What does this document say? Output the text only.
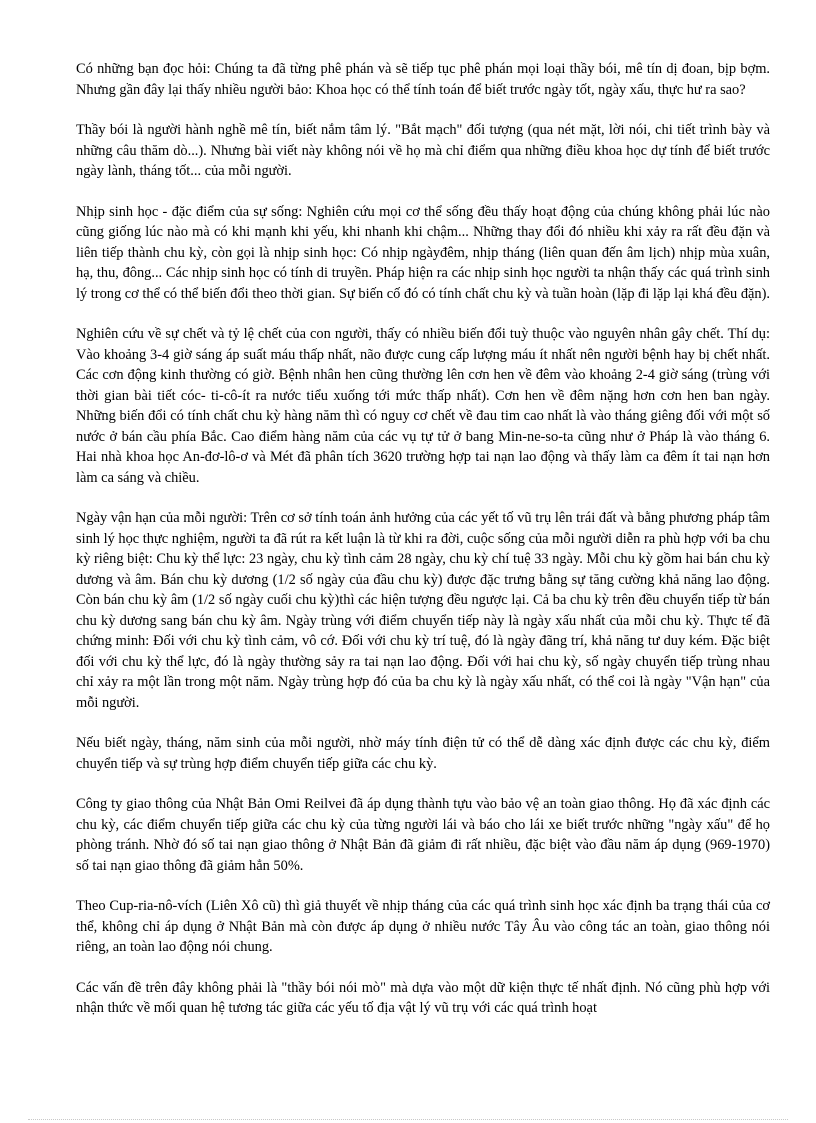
Có những bạn đọc hỏi: Chúng ta đã từng phê phán và sẽ tiếp tục phê phán mọi loại thầy bói, mê tín dị đoan, bịp bợm. Nhưng gần đây lại thấy nhiều người bảo: Khoa học có thể tính toán để biết trước ngày tốt, ngày xấu, thực hư ra sao?

Thầy bói là người hành nghề mê tín, biết nắm tâm lý. "Bắt mạch" đối tượng (qua nét mặt, lời nói, chi tiết trình bày và những câu thăm dò...). Nhưng bài viết này không nói về họ mà chỉ điểm qua những điều khoa học dự tính để biết trước ngày lành, tháng tốt... của mỗi người.

Nhịp sinh học - đặc điểm của sự sống: Nghiên cứu mọi cơ thể sống đều thấy hoạt động của chúng không phải lúc nào cũng giống lúc nào mà có khi mạnh khi yếu, khi nhanh khi chậm... Những thay đổi đó nhiều khi xảy ra rất đều đặn và liên tiếp thành chu kỳ, còn gọi là nhịp sinh học: Có nhịp ngàyđêm, nhịp tháng (liên quan đến âm lịch) nhịp mùa xuân, hạ, thu, đông... Các nhịp sinh học có tính di truyền. Pháp hiện ra các nhịp sinh học người ta nhận thấy các quá trình sinh lý trong cơ thể có thể biến đổi theo thời gian. Sự biến cố đó có tính chất chu kỳ và tuần hoàn (lặp đi lặp lại khá đều đặn).

Nghiên cứu về sự chết và tỷ lệ chết của con người, thấy có nhiều biến đổi tuỳ thuộc vào nguyên nhân gây chết. Thí dụ: Vào khoảng 3-4 giờ sáng áp suất máu thấp nhất, não được cung cấp lượng máu ít nhất nên người bệnh hay bị chết nhất. Các cơn động kinh thường có giờ. Bệnh nhân hen cũng thường lên cơn hen về đêm vào khoảng 2-4 giờ sáng (trùng với thời gian bài tiết cóc- ti-cô-ít ra nước tiểu xuống tới mức thấp nhất). Cơn hen về đêm nặng hơn cơn hen ban ngày. Những biến đổi có tính chất chu kỳ hàng năm thì có nguy cơ chết về đau tim cao nhất là vào tháng giêng đối với một số nước ở bán cầu phía Bắc. Cao điểm hàng năm của các vụ tự tử ở bang Min-ne-so-ta cũng như ở Pháp là vào tháng 6. Hai nhà khoa học An-đơ-lô-ơ và Mét đã phân tích 3620 trường hợp tai nạn lao động và thấy làm ca đêm ít tai nạn hơn làm ca sáng và chiều.

Ngày vận hạn của mỗi người: Trên cơ sở tính toán ảnh hưởng của các yết tố vũ trụ lên trái đất và bằng phương pháp tâm sinh lý học thực nghiệm, người ta đã rút ra kết luận là từ khi ra đời, cuộc sống của mỗi người diễn ra phù hợp với ba chu kỳ riêng biệt: Chu kỳ thể lực: 23 ngày, chu kỳ tình cảm 28 ngày, chu kỳ chí tuệ 33 ngày. Mỗi chu kỳ gồm hai bán chu kỳ dương và âm. Bán chu kỳ dương (1/2 số ngày của đầu chu kỳ) được đặc trưng bằng sự tăng cường khả năng lao động. Còn bán chu kỳ âm (1/2 số ngày cuối chu kỳ)thì các hiện tượng đều ngược lại. Cả ba chu kỳ trên đều chuyển tiếp từ bán chu kỳ dương sang bán chu kỳ âm. Ngày trùng với điểm chuyển tiếp này là ngày xấu nhất của mỗi chu kỳ. Thực tế đã chứng minh: Đối với chu kỳ tình cảm, vô cớ. Đối với chu kỳ trí tuệ, đó là ngày đãng trí, khả năng tư duy kém. Đặc biệt đối với chu kỳ thể lực, đó là ngày thường sảy ra tai nạn lao động. Đối với hai chu kỳ, số ngày chuyển tiếp trùng nhau chỉ xảy ra một lần trong một năm. Ngày trùng hợp đó của ba chu kỳ là ngày xấu nhất, có thể coi là ngày "Vận hạn" của mỗi người.

Nếu biết ngày, tháng, năm sinh của mỗi người, nhờ máy tính điện tử có thể dễ dàng xác định được các chu kỳ, điểm chuyển tiếp và sự trùng hợp điểm chuyển tiếp giữa các chu kỳ.

Công ty giao thông của Nhật Bản Omi Reilvei đã áp dụng thành tựu vào bảo vệ an toàn giao thông. Họ đã xác định các chu kỳ, các điểm chuyển tiếp giữa các chu kỳ của từng người lái và báo cho lái xe biết trước những "ngày xấu" để họ phòng tránh. Nhờ đó số tai nạn giao thông ở Nhật Bản đã giảm đi rất nhiều, đặc biệt vào đầu năm áp dụng (969-1970) số tai nạn giao thông đã giảm hẳn 50%.

Theo Cup-ria-nô-vích (Liên Xô cũ) thì giả thuyết về nhịp tháng của các quá trình sinh học xác định ba trạng thái của cơ thể, không chỉ áp dụng ở Nhật Bản mà còn được áp dụng ở nhiều nước Tây Âu vào công tác an toàn, giao thông nói riêng, an toàn lao động nói chung.

Các vấn đề trên đây không phải là "thầy bói nói mò" mà dựa vào một dữ kiện thực tế nhất định. Nó cũng phù hợp với nhận thức về mối quan hệ tương tác giữa các yếu tố địa vật lý vũ trụ với các quá trình hoạt
